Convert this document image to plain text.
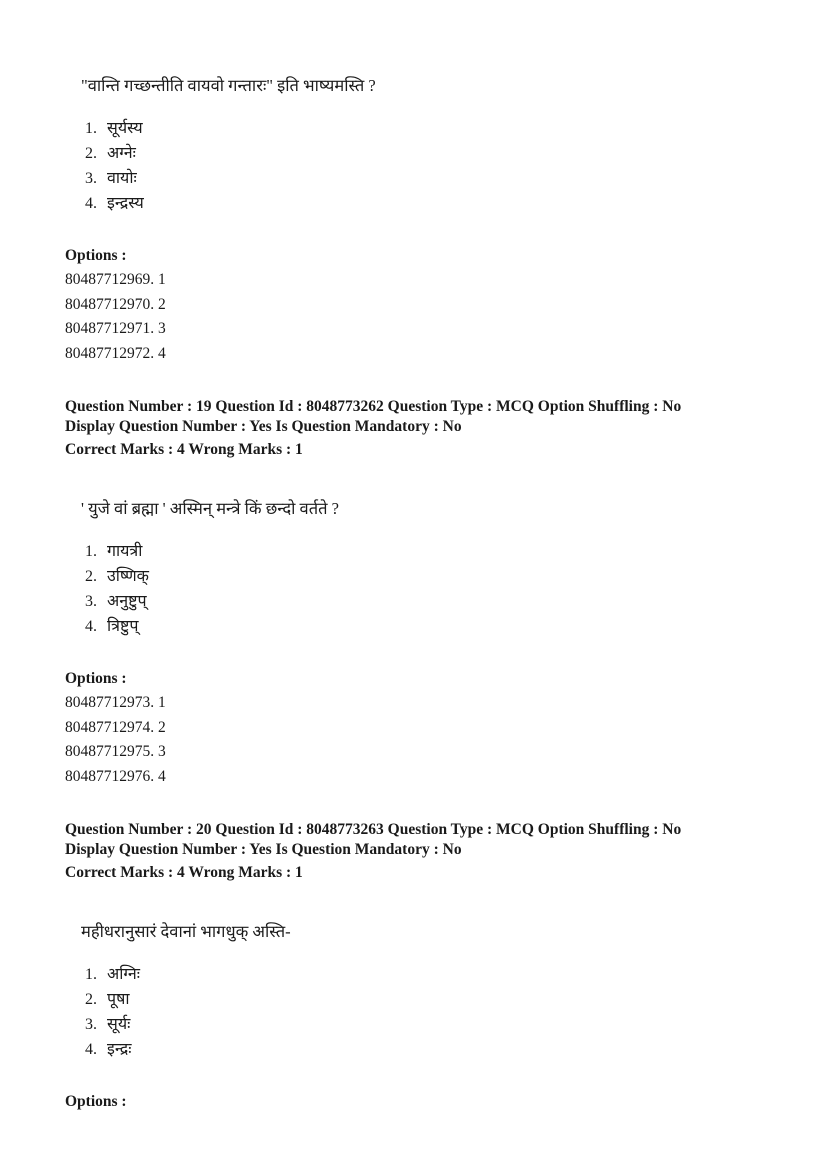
"वान्ति गच्छन्तीति वायवो गन्तारः" इति भाष्यमस्ति ?
1. सूर्यस्य
2. अग्नेः
3. वायोः
4. इन्द्रस्य
Options :
80487712969. 1
80487712970. 2
80487712971. 3
80487712972. 4
Question Number : 19 Question Id : 8048773262 Question Type : MCQ Option Shuffling : No
Display Question Number : Yes Is Question Mandatory : No
Correct Marks : 4 Wrong Marks : 1
' युजे वां ब्रह्मा ' अस्मिन् मन्त्रे किं छन्दो वर्तते ?
1. गायत्री
2. उष्णिक्
3. अनुष्टुप्
4. त्रिष्टुप्
Options :
80487712973. 1
80487712974. 2
80487712975. 3
80487712976. 4
Question Number : 20 Question Id : 8048773263 Question Type : MCQ Option Shuffling : No
Display Question Number : Yes Is Question Mandatory : No
Correct Marks : 4 Wrong Marks : 1
महीधरानुसारं देवानां भागधुक् अस्ति-
1. अग्निः
2. पूषा
3. सूर्यः
4. इन्द्रः
Options :
